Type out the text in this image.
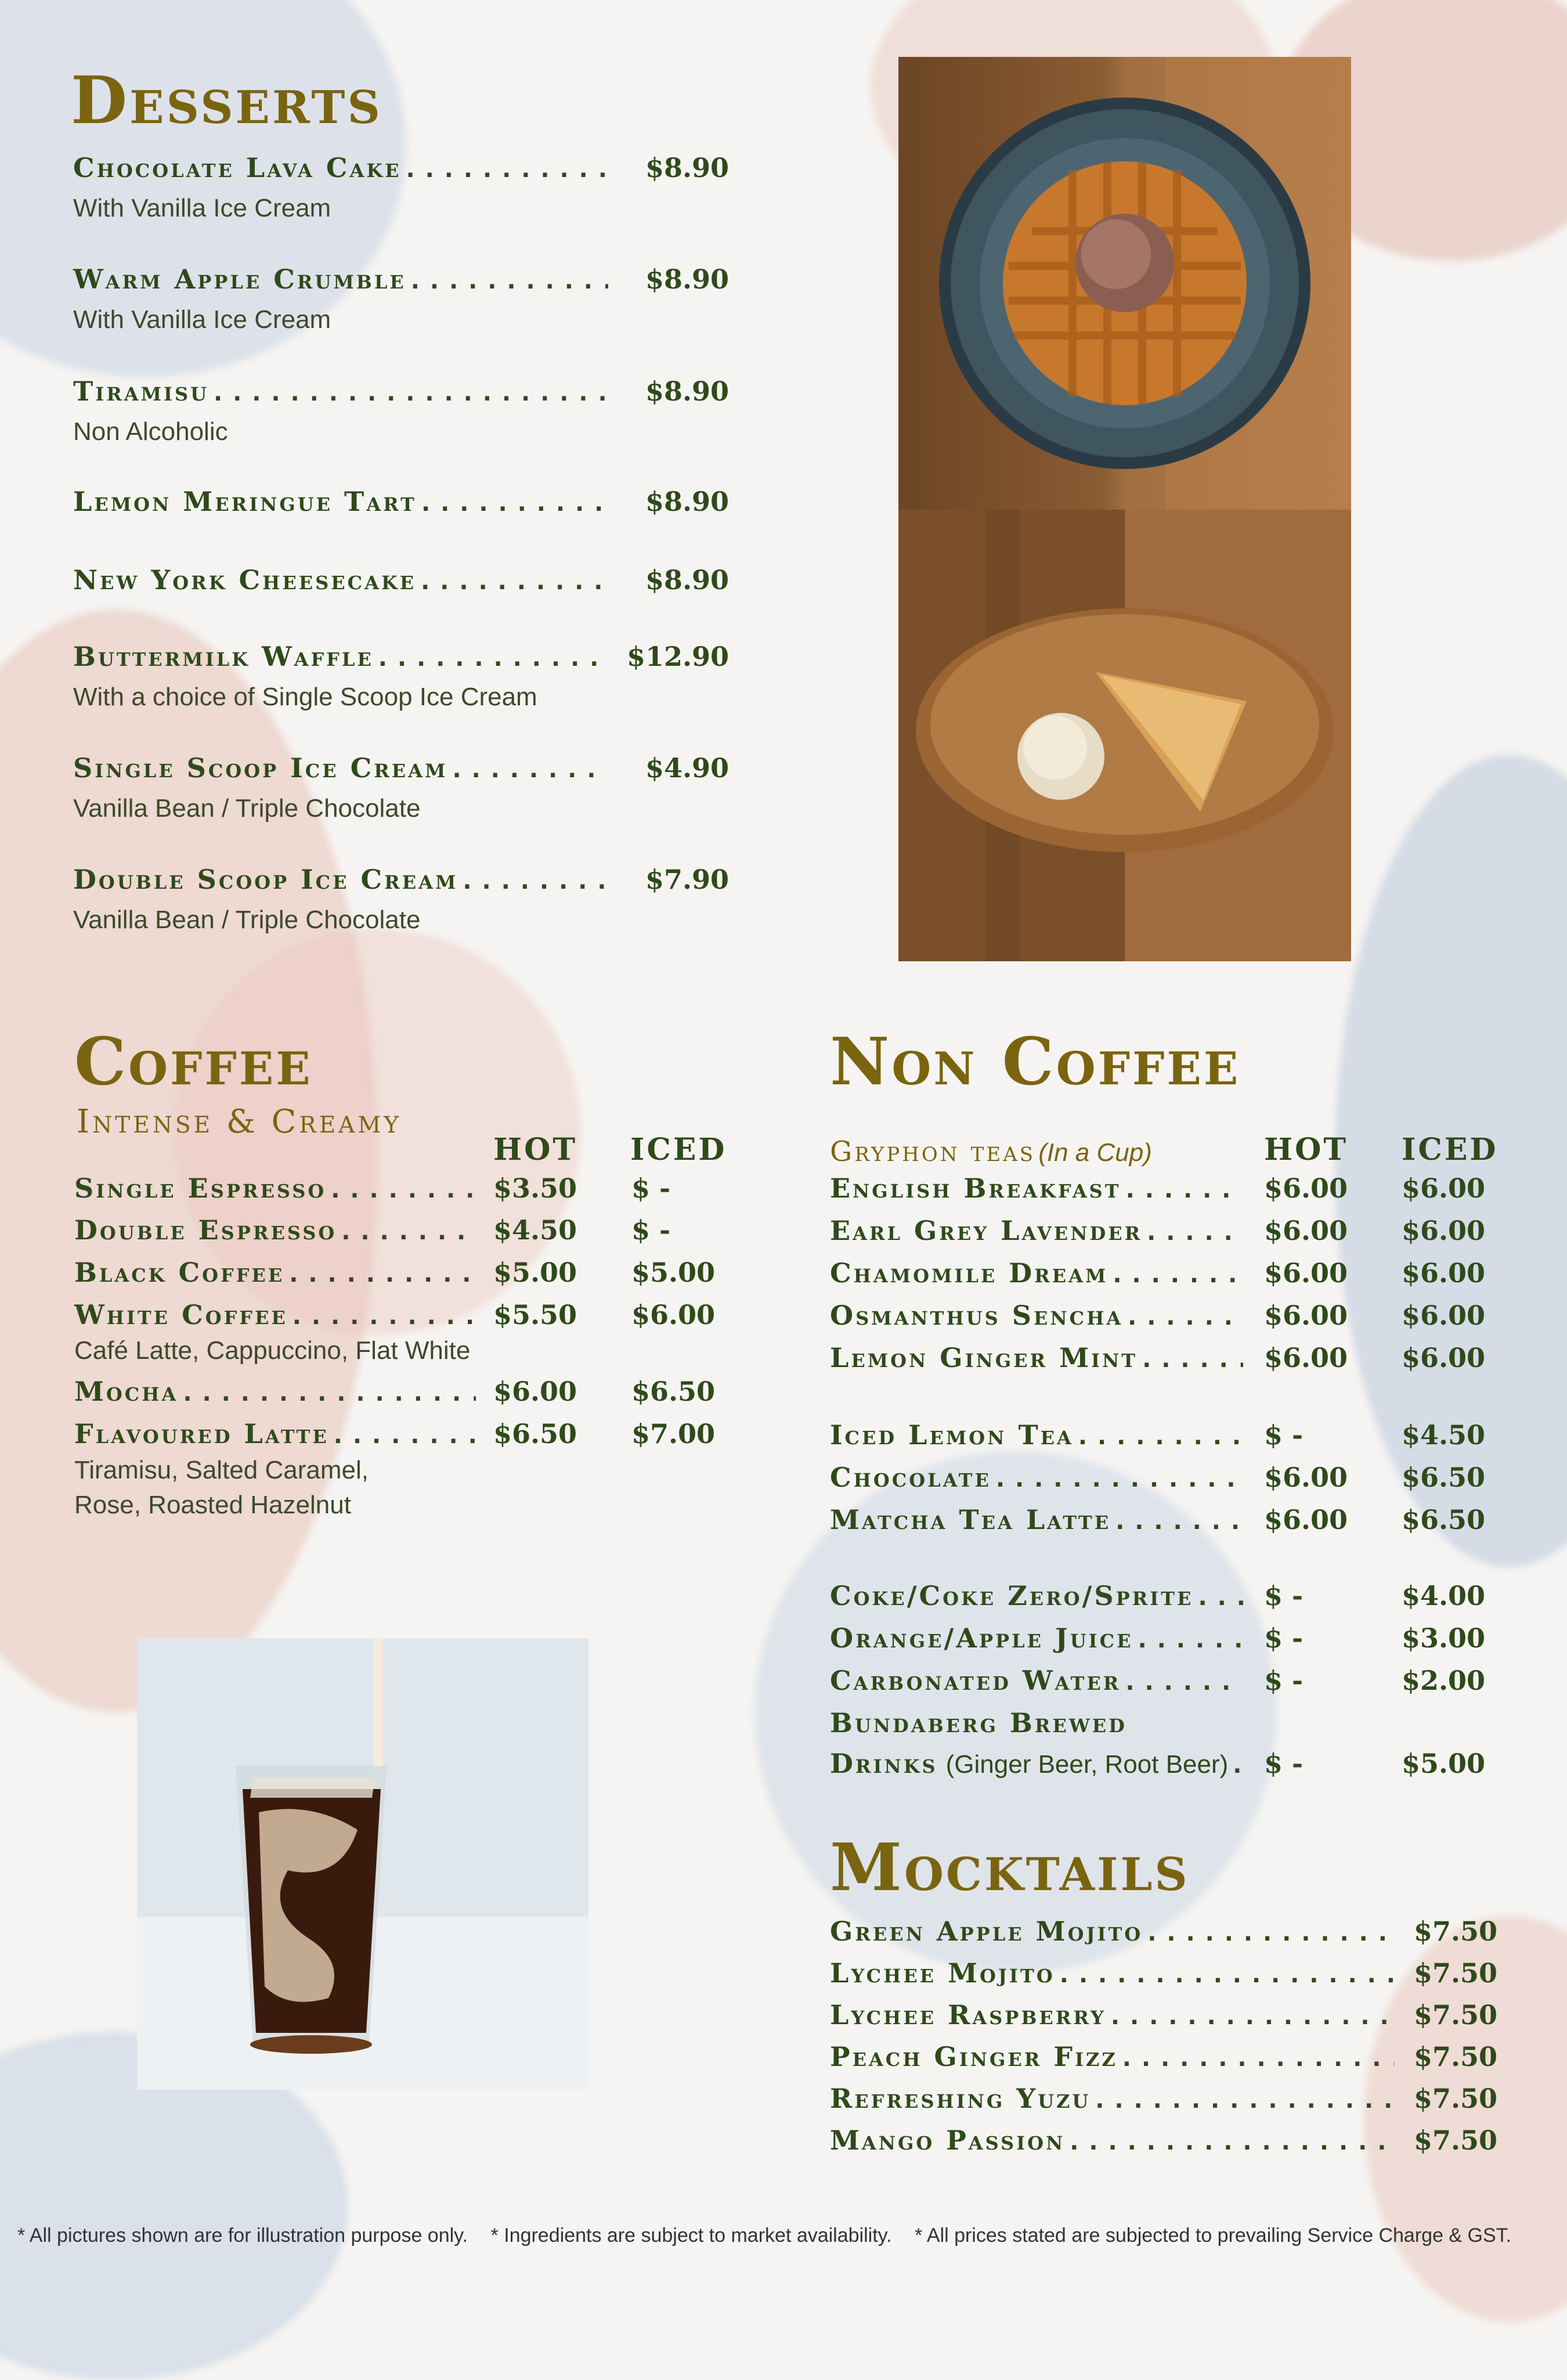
Desserts
Chocolate Lava Cake . . .	$8.90
With Vanilla Ice Cream
Warm Apple Crumble . . .	$8.90
With Vanilla Ice Cream
Tiramisu . . .	$8.90
Non Alcoholic
Lemon Meringue Tart . . .	$8.90
New York Cheesecake . . .	$8.90
Buttermilk Waffle . . .	$12.90
With a choice of Single Scoop Ice Cream
Single Scoop Ice Cream . . .	$4.90
Vanilla Bean / Triple Chocolate
Double Scoop Ice Cream . . .	$7.90
Vanilla Bean / Triple Chocolate
Coffee
Intense & Creamy
HOT ICED
Single Espresso . . .	$3.50 $ -
Double Espresso . . .	$4.50 $ -
Black Coffee . . .	$5.00 $5.00
White Coffee . . .	$5.50 $6.00
Café Latte, Cappuccino, Flat White
Mocha . . .	$6.00 $6.50
Flavoured Latte . . .	$6.50 $7.00
Tiramisu, Salted Caramel,
Rose, Roasted Hazelnut
Non Coffee
Gryphon teas (In a Cup)	HOT ICED
English Breakfast . . .	$6.00 $6.00
Earl Grey Lavender . . .	$6.00 $6.00
Chamomile Dream . . .	$6.00 $6.00
Osmanthus Sencha . . .	$6.00 $6.00
Lemon Ginger Mint . . .	$6.00 $6.00
Iced Lemon Tea . . .	$ -	$4.50
Chocolate . . .	$6.00 $6.50
Matcha Tea Latte . . .	$6.00 $6.50
Coke/Coke Zero/Sprite . . .	$ -	$4.00
Orange/Apple Juice . . .	$ -	$3.00
Carbonated Water . . .	$ -	$2.00
Bundaberg Brewed
Drinks (Ginger Beer, Root Beer) . . . $ -	$5.00
Mocktails
Green Apple Mojito . . .	$7.50
Lychee Mojito . . .	$7.50
Lychee Raspberry . . .	$7.50
Peach Ginger Fizz . . .	$7.50
Refreshing Yuzu . . .	$7.50
Mango Passion . . .	$7.50
* All pictures shown are for illustration purpose only. * Ingredients are subject to market availability. * All prices stated are subjected to prevailing Service Charge & GST.
